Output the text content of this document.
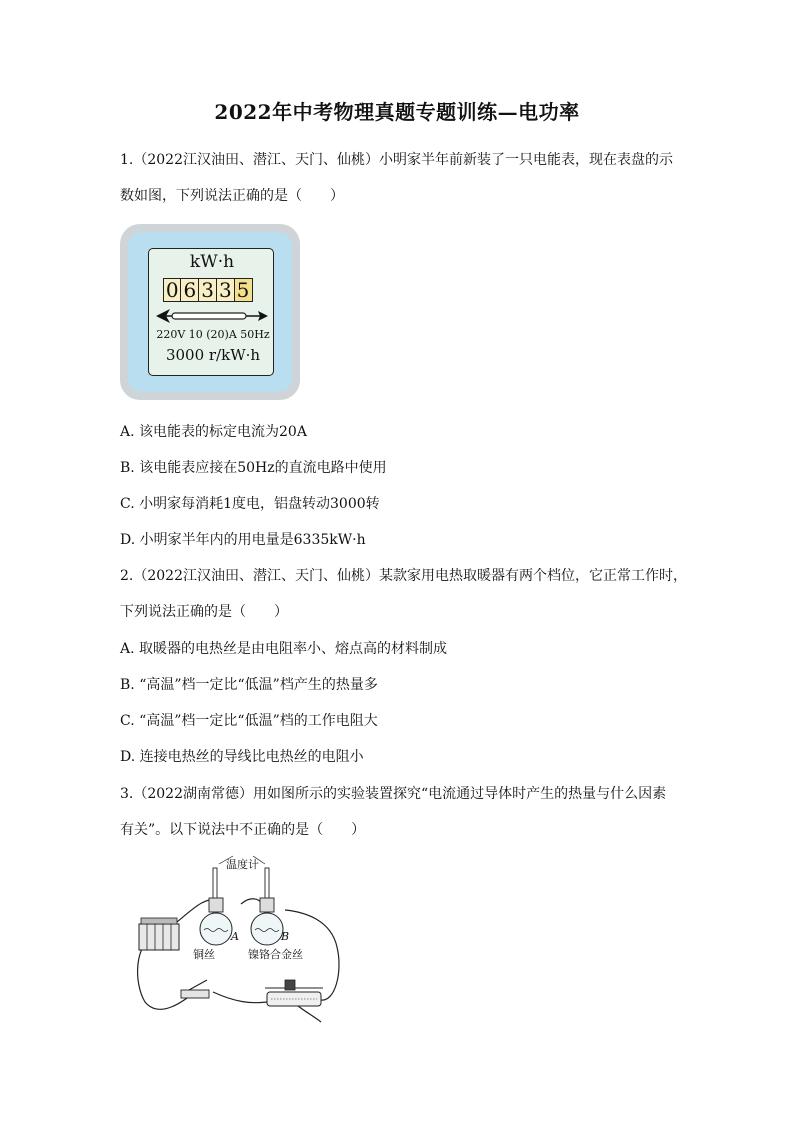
2022年中考物理真题专题训练—电功率
1.（2022江汉油田、潜江、天门、仙桃）小明家半年前新装了一只电能表，现在表盘的示
数如图，下列说法正确的是（　　）
kW·h
0 6 3 3 5
220V 10 (20)A 50Hz
3000 r/kW·h
A. 该电能表的标定电流为20A
B. 该电能表应接在50Hz的直流电路中使用
C. 小明家每消耗1度电，铝盘转动3000转
D. 小明家半年内的用电量是6335kW·h
2.（2022江汉油田、潜江、天门、仙桃）某款家用电热取暖器有两个档位，它正常工作时，
下列说法正确的是（　　）
A. 取暖器的电热丝是由电阻率小、熔点高的材料制成
B. “高温”档一定比“低温”档产生的热量多
C. “高温”档一定比“低温”档的工作电阻大
D. 连接电热丝的导线比电热丝的电阻小
3.（2022湖南常德）用如图所示的实验装置探究“电流通过导体时产生的热量与什么因素
有关”。以下说法中不正确的是（　　）
温度计
A	B
铜丝	镍铬合金丝
